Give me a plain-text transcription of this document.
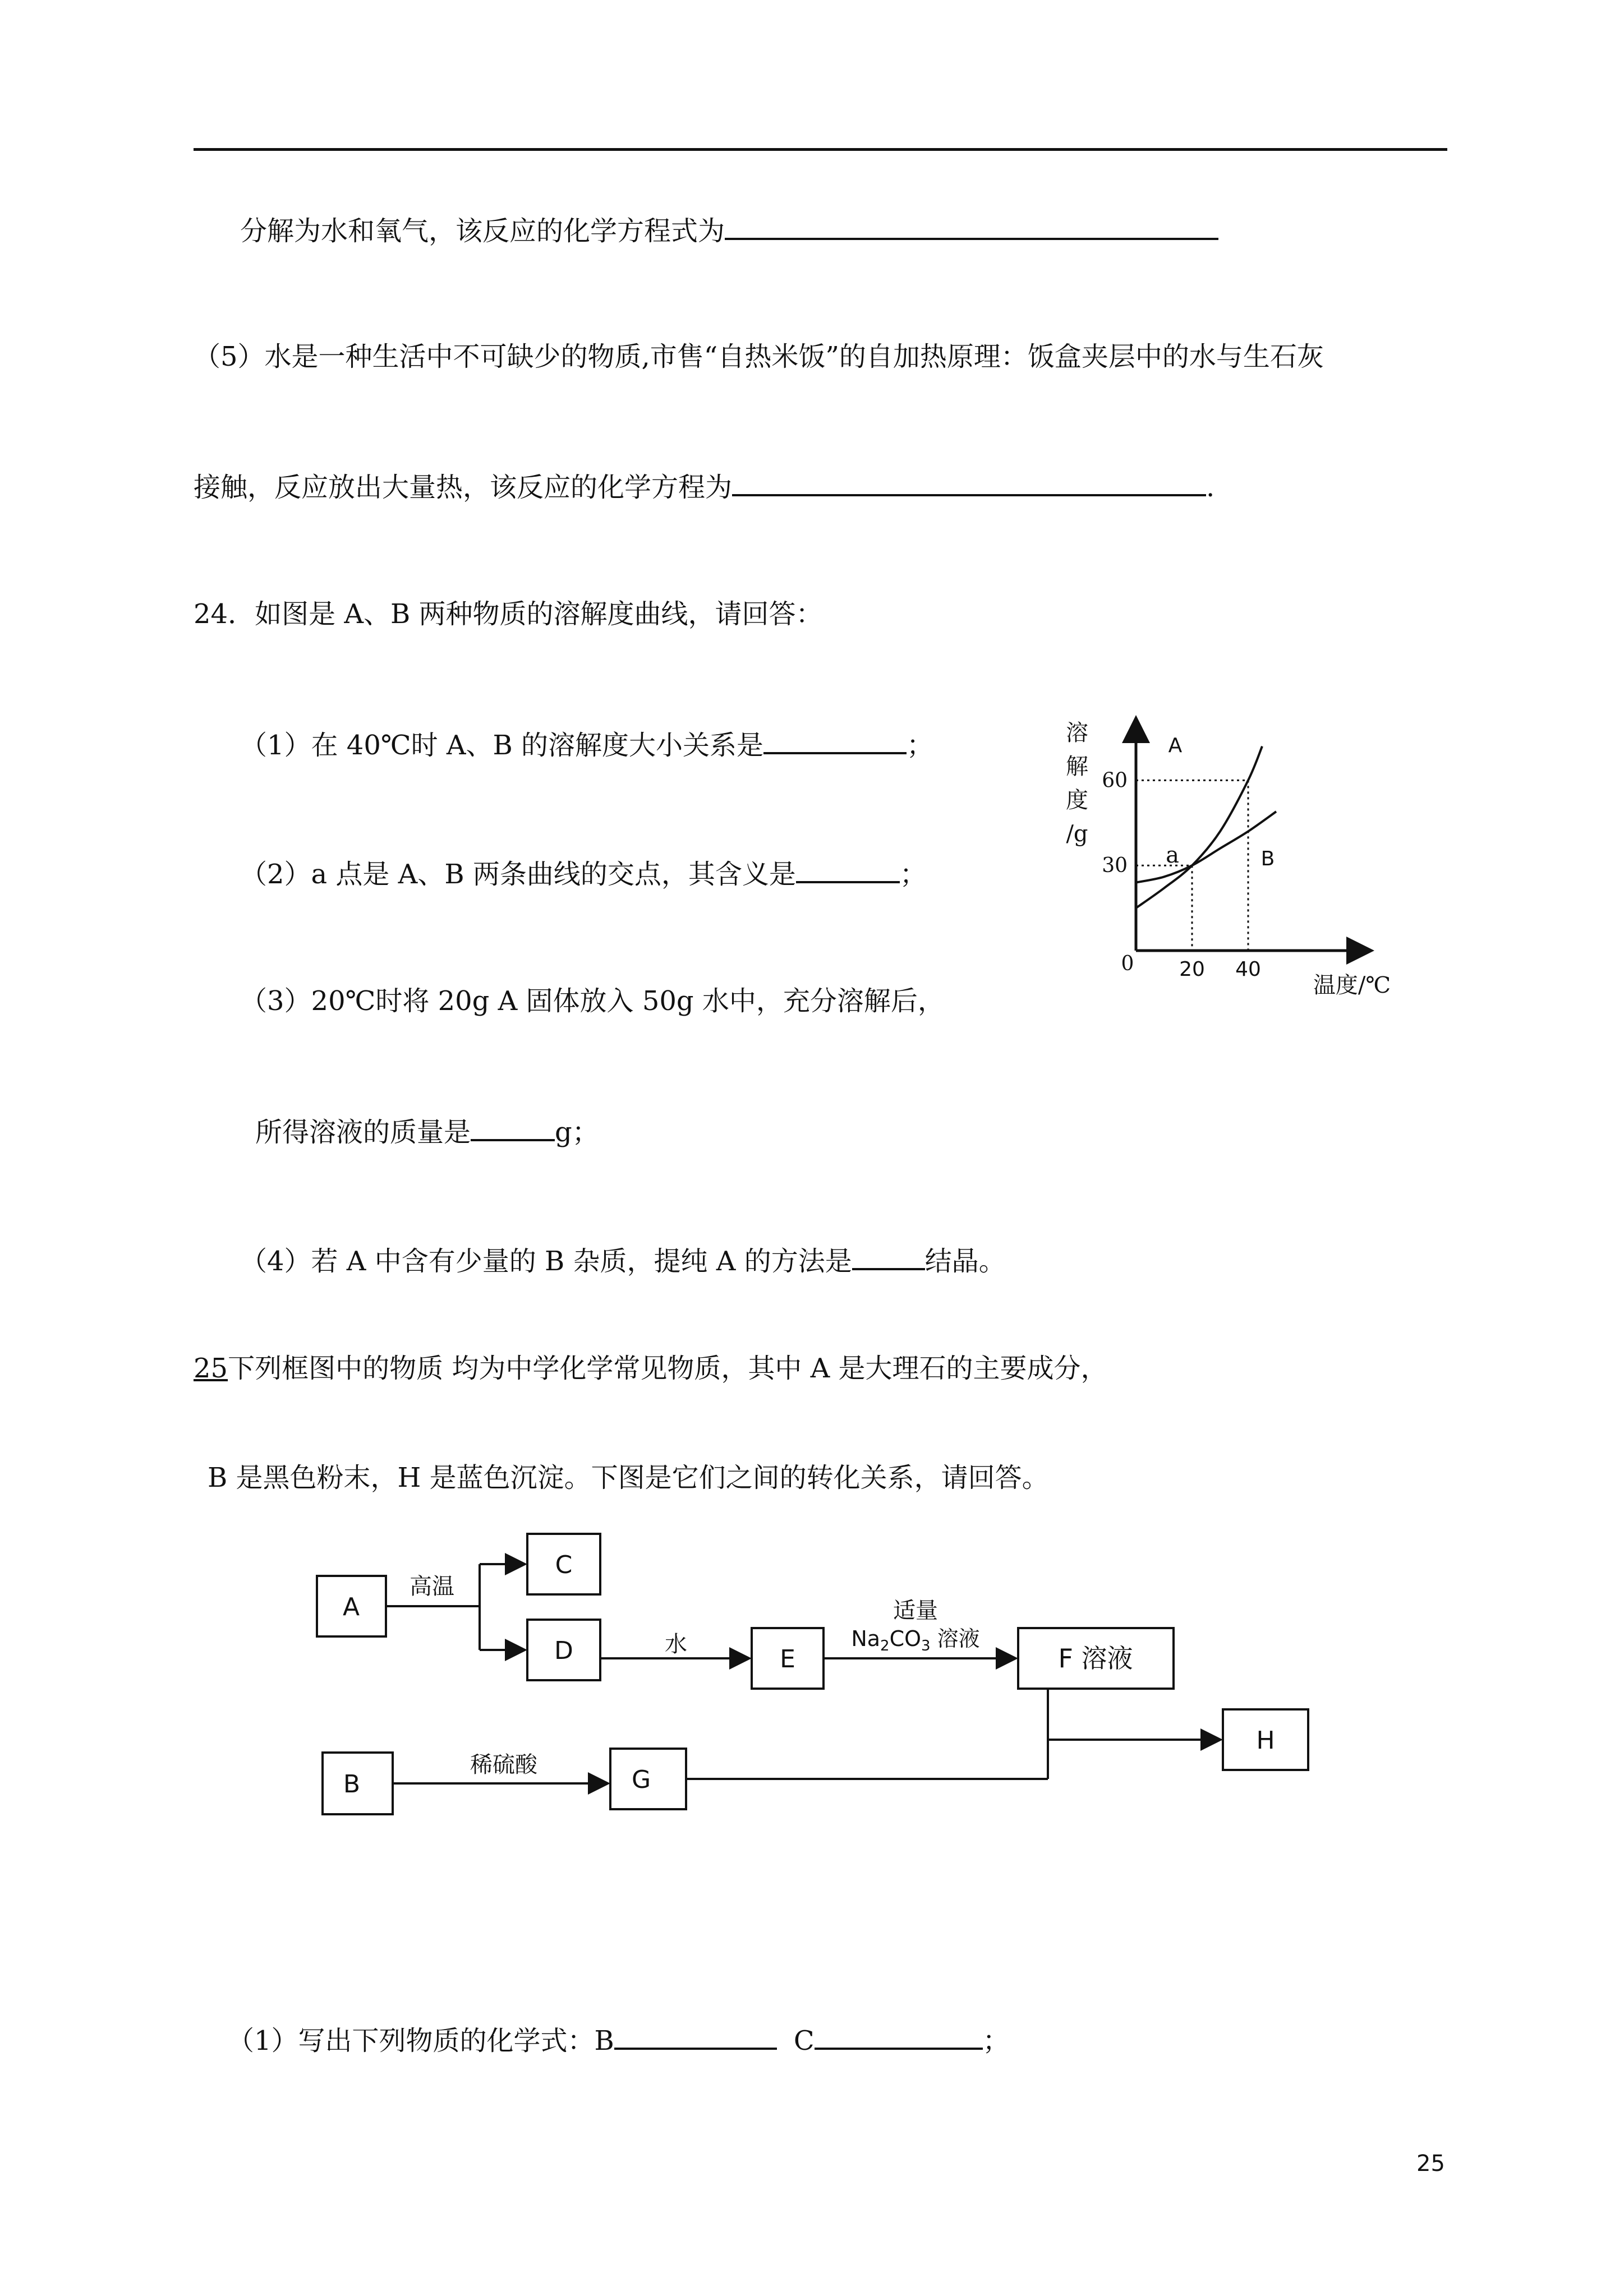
分解为水和氧气，该反应的化学方程式为
（5）水是一种生活中不可缺少的物质,市售“自热米饭”的自加热原理：饭盒夹层中的水与生石灰
接触，反应放出大量热，该反应的化学方程为	.
24．如图是 A、B 两种物质的溶解度曲线，请回答：
（1）在 40℃时 A、B 的溶解度大小关系是	；
（2）a 点是 A、B 两条曲线的交点，其含义是	；
（3）20℃时将 20g A 固体放入 50g 水中，充分溶解后，
所得溶液的质量是	g；
（4）若 A 中含有少量的 B 杂质，提纯 A 的方法是	结晶。
25下列框图中的物质 均为中学化学常见物质，其中 A 是大理石的主要成分，
B 是黑色粉末，H 是蓝色沉淀。下图是它们之间的转化关系，请回答。
（1）写出下列物质的化学式：B	C	；
25
A
B
0 20 40
30
60
a
溶
解
度
/g
温度/℃
A
C
D	E	F 溶液
H
B	G
高温
水
适量
$Na_2CO_3$ 溶液
稀硫酸
